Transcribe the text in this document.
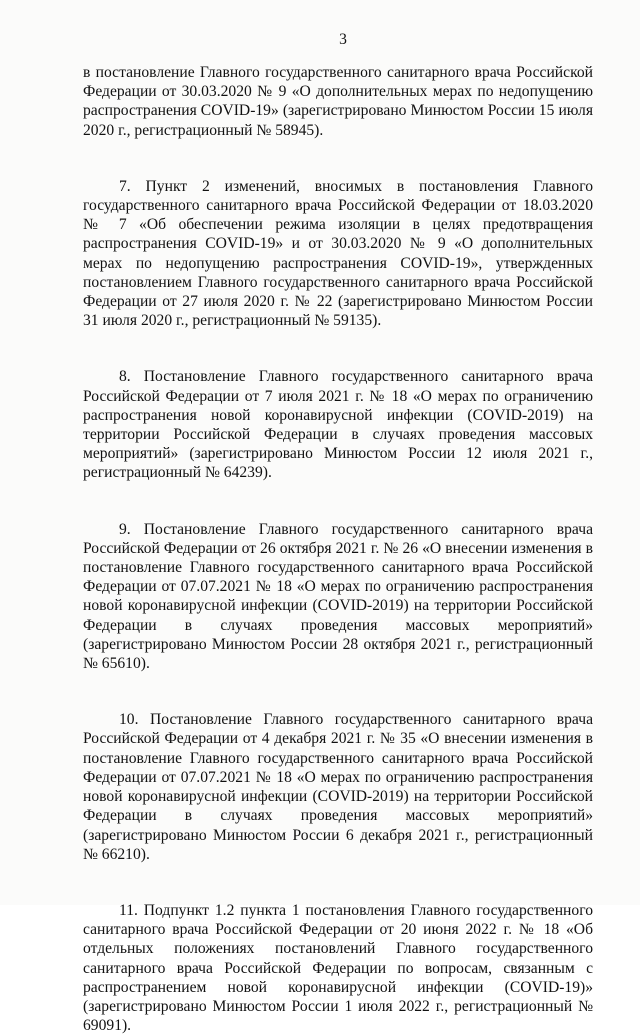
3

в постановление Главного государственного санитарного врача Российской Федерации от 30.03.2020 № 9 «О дополнительных мерах по недопущению распространения COVID-19» (зарегистрировано Минюстом России 15 июля 2020 г., регистрационный № 58945).

7. Пункт 2 изменений, вносимых в постановления Главного государственного санитарного врача Российской Федерации от 18.03.2020 № 7 «Об обеспечении режима изоляции в целях предотвращения распространения COVID-19» и от 30.03.2020 № 9 «О дополнительных мерах по недопущению распространения COVID-19», утвержденных постановлением Главного государственного санитарного врача Российской Федерации от 27 июля 2020 г. № 22 (зарегистрировано Минюстом России 31 июля 2020 г., регистрационный № 59135).

8. Постановление Главного государственного санитарного врача Российской Федерации от 7 июля 2021 г. № 18 «О мерах по ограничению распространения новой коронавирусной инфекции (COVID-2019) на территории Российской Федерации в случаях проведения массовых мероприятий» (зарегистрировано Минюстом России 12 июля 2021 г., регистрационный № 64239).

9. Постановление Главного государственного санитарного врача Российской Федерации от 26 октября 2021 г. № 26 «О внесении изменения в постановление Главного государственного санитарного врача Российской Федерации от 07.07.2021 № 18 «О мерах по ограничению распространения новой коронавирусной инфекции (COVID-2019) на территории Российской Федерации в случаях проведения массовых мероприятий» (зарегистрировано Минюстом России 28 октября 2021 г., регистрационный № 65610).

10. Постановление Главного государственного санитарного врача Российской Федерации от 4 декабря 2021 г. № 35 «О внесении изменения в постановление Главного государственного санитарного врача Российской Федерации от 07.07.2021 № 18 «О мерах по ограничению распространения новой коронавирусной инфекции (COVID-2019) на территории Российской Федерации в случаях проведения массовых мероприятий» (зарегистрировано Минюстом России 6 декабря 2021 г., регистрационный № 66210).

11. Подпункт 1.2 пункта 1 постановления Главного государственного санитарного врача Российской Федерации от 20 июня 2022 г. № 18 «Об отдельных положениях постановлений Главного государственного санитарного врача Российской Федерации по вопросам, связанным с распространением новой коронавирусной инфекции (COVID-19)» (зарегистрировано Минюстом России 1 июля 2022 г., регистрационный № 69091).
